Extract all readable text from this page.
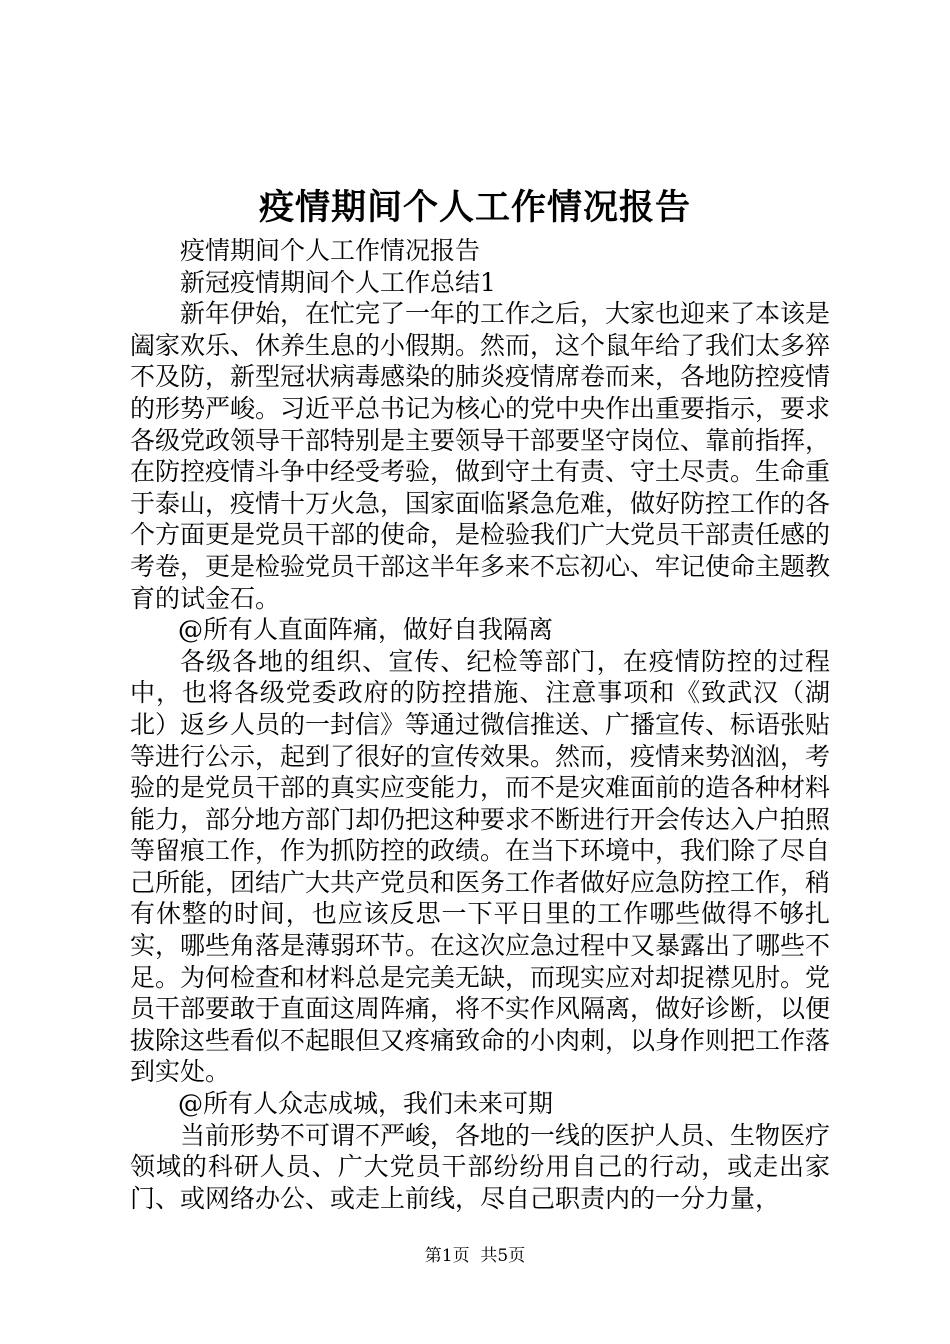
疫情期间个人工作情况报告

疫情期间个人工作情况报告

新冠疫情期间个人工作总结1

新年伊始，在忙完了一年的工作之后，大家也迎来了本该是阖家欢乐、休养生息的小假期。然而，这个鼠年给了我们太多猝不及防，新型冠状病毒感染的肺炎疫情席卷而来，各地防控疫情的形势严峻。习近平总书记为核心的党中央作出重要指示，要求各级党政领导干部特别是主要领导干部要坚守岗位、靠前指挥，在防控疫情斗争中经受考验，做到守土有责、守土尽责。生命重于泰山，疫情十万火急，国家面临紧急危难，做好防控工作的各个方面更是党员干部的使命，是检验我们广大党员干部责任感的考卷，更是检验党员干部这半年多来不忘初心、牢记使命主题教育的试金石。

@所有人直面阵痛，做好自我隔离

各级各地的组织、宣传、纪检等部门，在疫情防控的过程中，也将各级党委政府的防控措施、注意事项和《致武汉（湖北）返乡人员的一封信》等通过微信推送、广播宣传、标语张贴等进行公示，起到了很好的宣传效果。然而，疫情来势汹汹，考验的是党员干部的真实应变能力，而不是灾难面前的造各种材料能力，部分地方部门却仍把这种要求不断进行开会传达入户拍照等留痕工作，作为抓防控的政绩。在当下环境中，我们除了尽自己所能，团结广大共产党员和医务工作者做好应急防控工作，稍有休整的时间，也应该反思一下平日里的工作哪些做得不够扎实，哪些角落是薄弱环节。在这次应急过程中又暴露出了哪些不足。为何检查和材料总是完美无缺，而现实应对却捉襟见肘。党员干部要敢于直面这周阵痛，将不实作风隔离，做好诊断，以便拔除这些看似不起眼但又疼痛致命的小肉刺，以身作则把工作落到实处。

@所有人众志成城，我们未来可期

当前形势不可谓不严峻，各地的一线的医护人员、生物医疗领域的科研人员、广大党员干部纷纷用自己的行动，或走出家门、或网络办公、或走上前线，尽自己职责内的一分力量，

第1页  共5页
